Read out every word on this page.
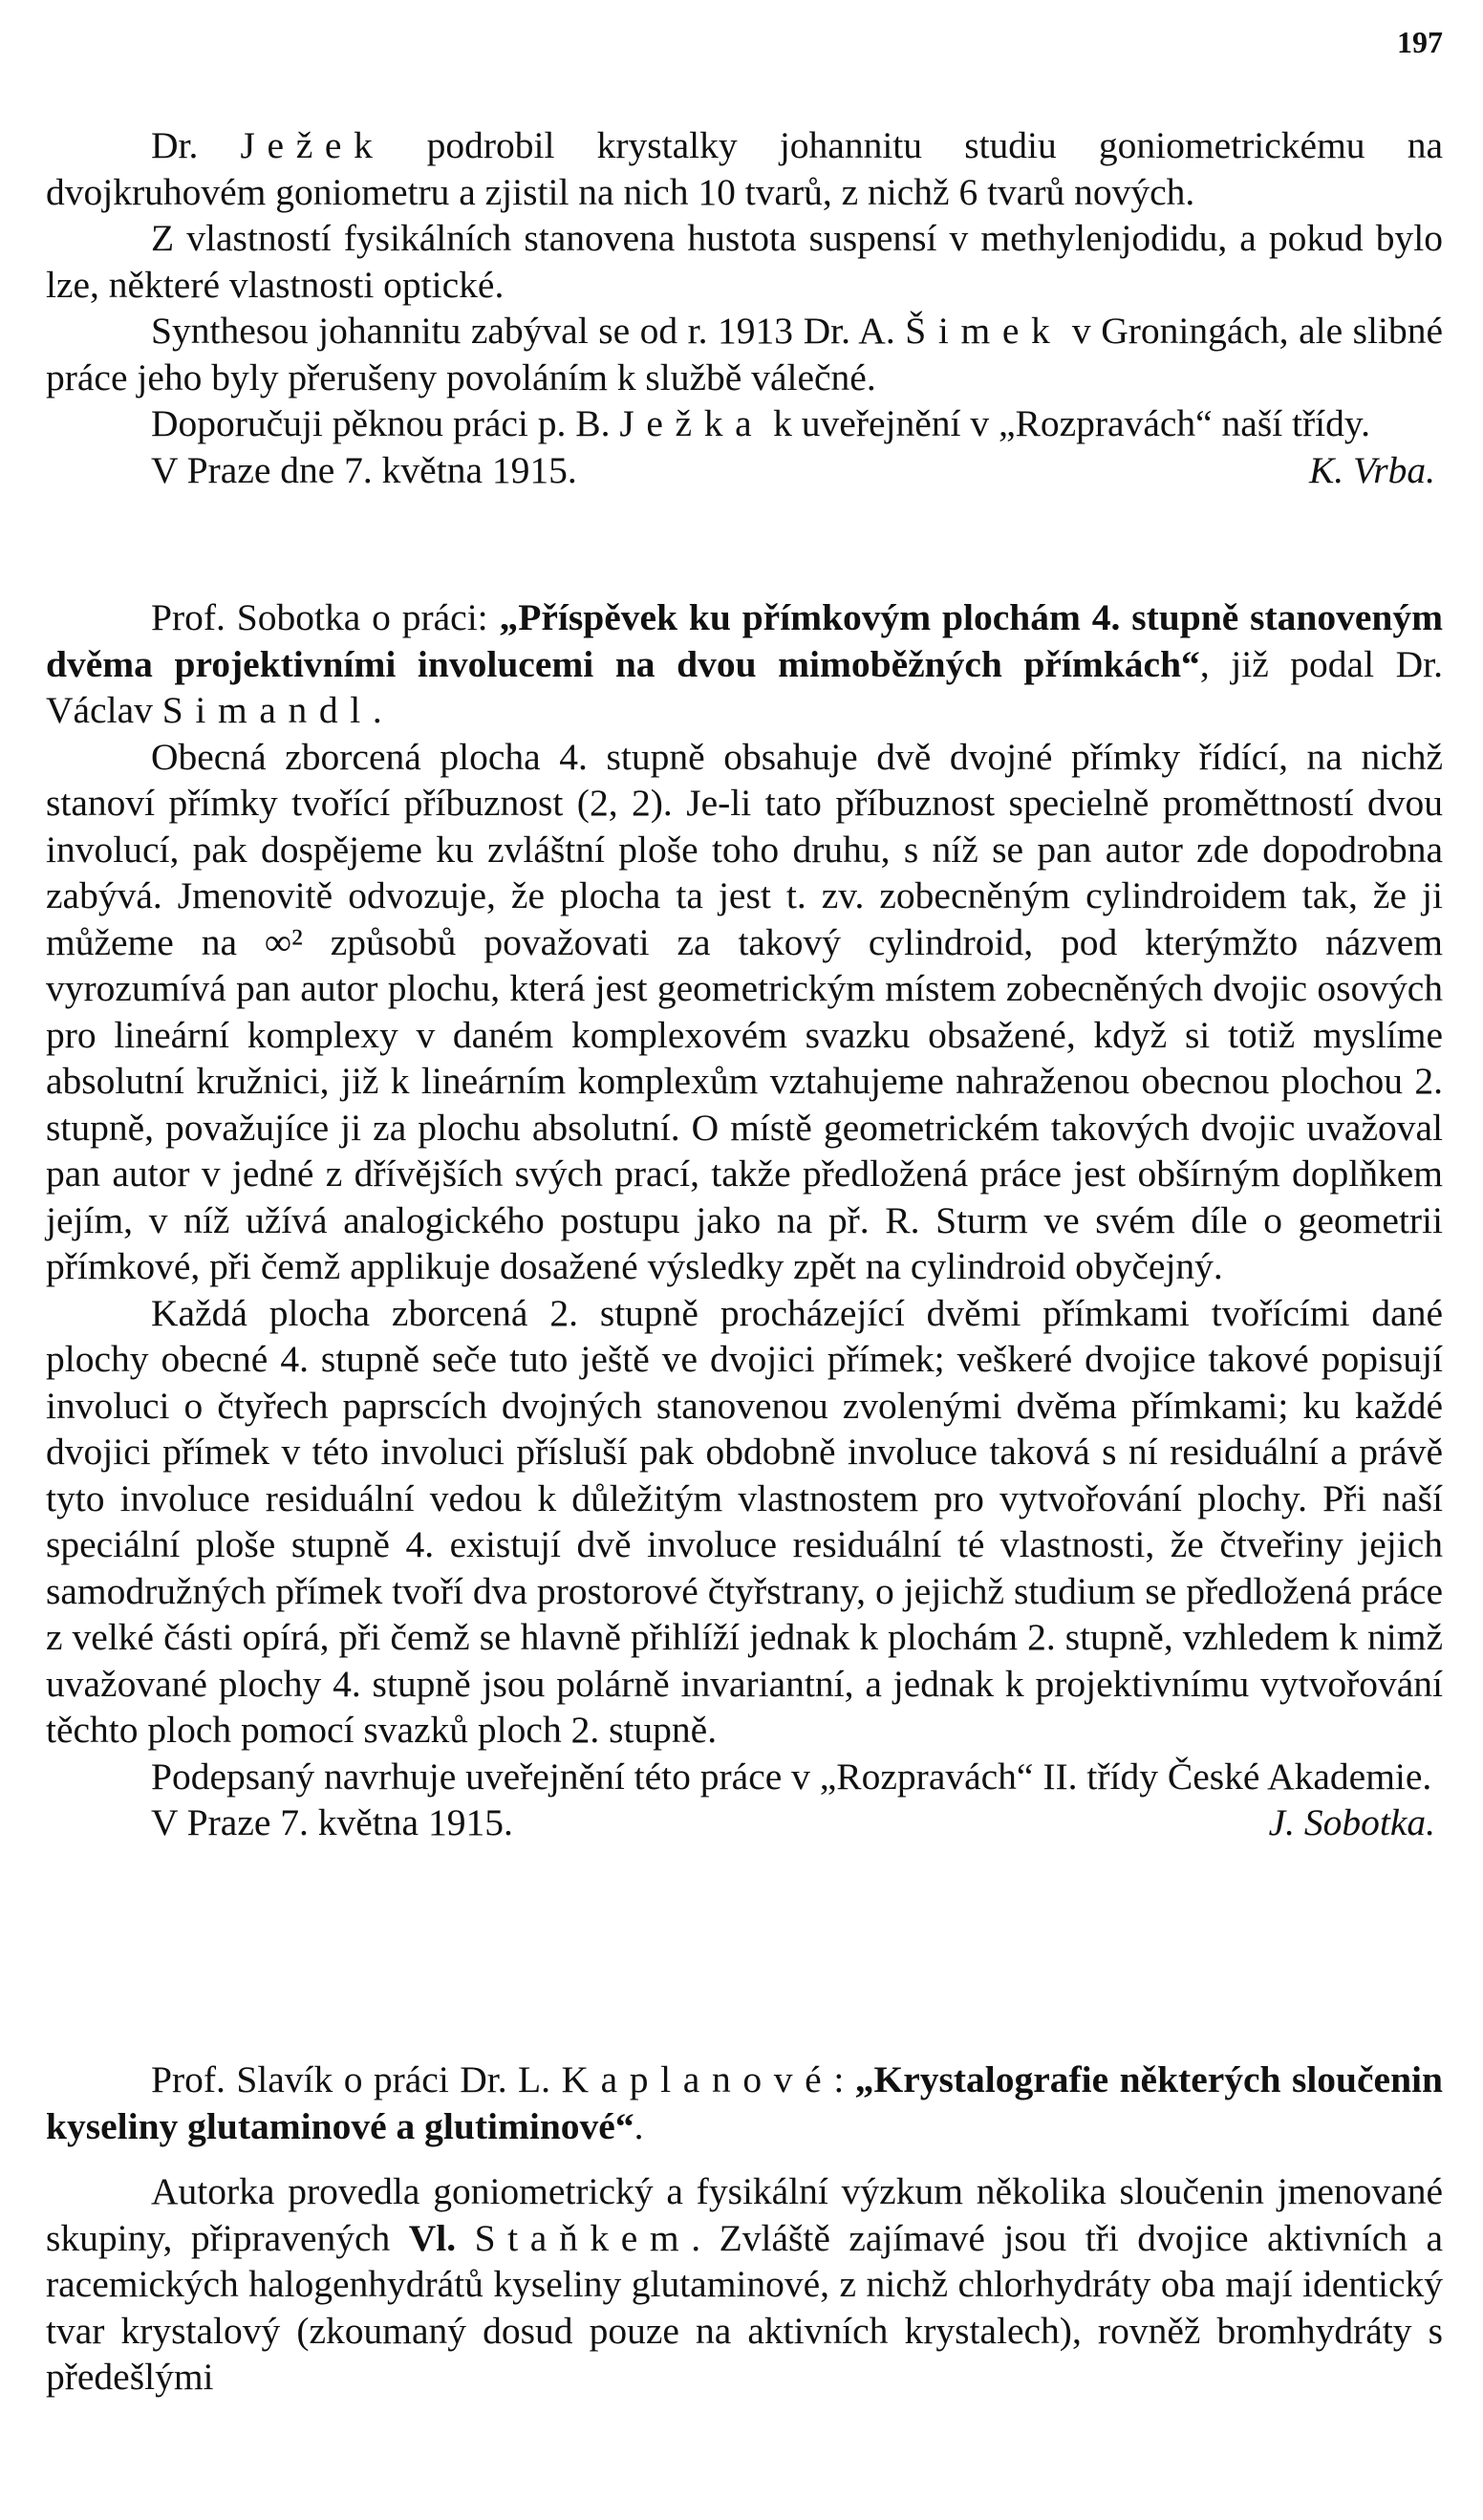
197

Dr. Ježek podrobil krystalky johannitu studiu goniometrickému na dvojkruhovém goniometru a zjistil na nich 10 tvarů, z nichž 6 tvarů nových.

Z vlastností fysikálních stanovena hustota suspensí v methylenjodidu, a pokud bylo lze, některé vlastnosti optické.

Synthesou johannitu zabýval se od r. 1913 Dr. A. Šimek v Groningách, ale slibné práce jeho byly přerušeny povoláním k službě válečné.

Doporučuji pěknou práci p. B. Ježka k uveřejnění v „Rozpravách“ naší třídy.

V Praze dne 7. května 1915.	K. Vrba.

Prof. Sobotka o práci: „Příspěvek ku přímkovým plochám 4. stupně stanoveným dvěma projektivními involucemi na dvou mimoběžných přímkách“, již podal Dr. Václav Simandl.

Obecná zborcená plocha 4. stupně obsahuje dvě dvojné přímky řídící, na nichž stanoví přímky tvořící příbuznost (2, 2). Je-li tato příbuznost specielně proměttností dvou involucí, pak dospějeme ku zvláštní ploše toho druhu, s níž se pan autor zde dopodrobna zabývá. Jmenovitě odvozuje, že plocha ta jest t. zv. zobecněným cylindroidem tak, že ji můžeme na ∞² způsobů považovati za takový cylindroid, pod kterýmžto názvem vyrozumívá pan autor plochu, která jest geometrickým místem zobecněných dvojic osových pro lineární komplexy v daném komplexovém svazku obsažené, když si totiž myslíme absolutní kružnici, již k lineárním komplexům vztahujeme nahraženou obecnou plochou 2. stupně, považujíce ji za plochu absolutní. O místě geometrickém takových dvojic uvažoval pan autor v jedné z dřívějších svých prací, takže předložená práce jest obšírným doplňkem jejím, v níž užívá analogického postupu jako na př. R. Sturm ve svém díle o geometrii přímkové, při čemž applikuje dosažené výsledky zpět na cylindroid obyčejný.

Každá plocha zborcená 2. stupně procházející dvěmi přímkami tvořícími dané plochy obecné 4. stupně seče tuto ještě ve dvojici přímek; veškeré dvojice takové popisují involuci o čtyřech paprscích dvojných stanovenou zvolenými dvěma přímkami; ku každé dvojici přímek v této involuci přísluší pak obdobně involuce taková s ní residuální a právě tyto involuce residuální vedou k důležitým vlastnostem pro vytvořování plochy. Při naší speciální ploše stupně 4. existují dvě involuce residuální té vlastnosti, že čtveřiny jejich samodružných přímek tvoří dva prostorové čtyřstrany, o jejichž studium se předložená práce z velké části opírá, při čemž se hlavně přihlíží jednak k plochám 2. stupně, vzhledem k nimž uvažované plochy 4. stupně jsou polárně invariantní, a jednak k projektivnímu vytvořování těchto ploch pomocí svazků ploch 2. stupně.

Podepsaný navrhuje uveřejnění této práce v „Rozpravách“ II. třídy České Akademie.

V Praze 7. května 1915.	J. Sobotka.

Prof. Slavík o práci Dr. L. Kaplanové: „Krystalografie některých sloučenin kyseliny glutaminové a glutiminové“.

Autorka provedla goniometrický a fysikální výzkum několika sloučenin jmenované skupiny, připravených Vl. Staňkem. Zvláště zajímavé jsou tři dvojice aktivních a racemických halogenhydrátů kyseliny glutaminové, z nichž chlorhydráty oba mají identický tvar krystalový (zkoumaný dosud pouze na aktivních krystalech), rovněž bromhydráty s předešlými
